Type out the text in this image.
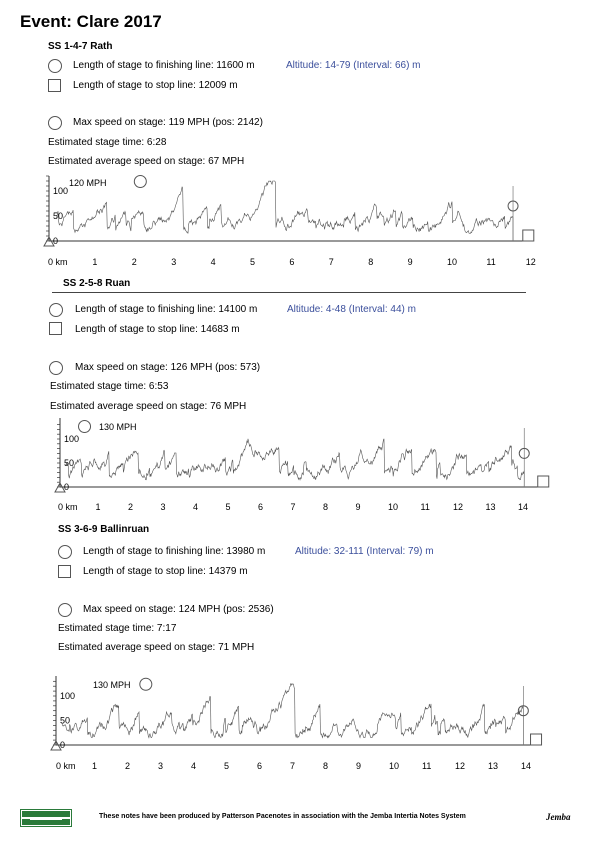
Event: Clare 2017
SS 1-4-7 Rath
Length of stage to finishing line: 11600 m	Altitude: 14-79 (Interval: 66) m
Length of stage to stop line: 12009 m
Max speed on stage: 119 MPH (pos: 2142)
Estimated stage time: 6:28
Estimated average speed on stage: 67 MPH
0
50
100
120 MPH
0 km	1	2	3	4	5	6	7	8	9	10	11	12
SS 2-5-8 Ruan
Length of stage to finishing line: 14100 m	Altitude: 4-48 (Interval: 44) m
Length of stage to stop line: 14683 m
Max speed on stage: 126 MPH (pos: 573)
Estimated stage time: 6:53
Estimated average speed on stage: 76 MPH
0
50
100
130 MPH
0 km 1	2	3	4	5	6	7	8	9	10 11	12 13 14
SS 3-6-9 Ballinruan
Length of stage to finishing line: 13980 m	Altitude: 32-111 (Interval: 79) m
Length of stage to stop line: 14379 m
Max speed on stage: 124 MPH (pos: 2536)
Estimated stage time: 7:17
Estimated average speed on stage: 71 MPH
0
50
100
130 MPH
0 km 1	2	3	4	5	6	7	8	9	10	11	12	13	14
These notes have been produced by Patterson Pacenotes in association with the Jemba Intertia Notes System	Jemba
